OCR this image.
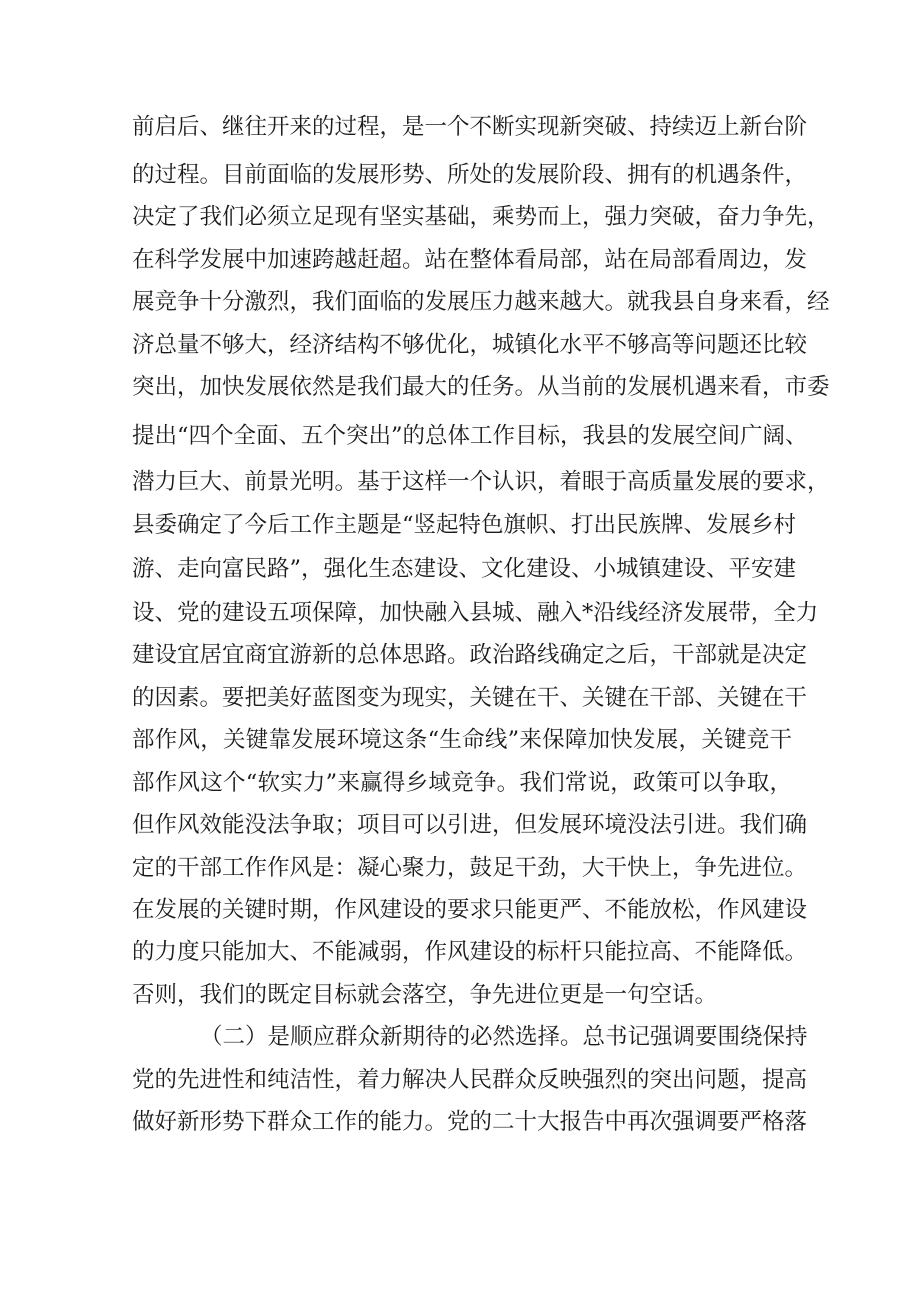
前启后、继往开来的过程，是一个不断实现新突破、持续迈上新台阶
的过程。目前面临的发展形势、所处的发展阶段、拥有的机遇条件，
决定了我们必须立足现有坚实基础，乘势而上，强力突破，奋力争先，
在科学发展中加速跨越赶超。站在整体看局部，站在局部看周边，发
展竞争十分激烈，我们面临的发展压力越来越大。就我县自身来看，经
济总量不够大，经济结构不够优化，城镇化水平不够高等问题还比较
突出，加快发展依然是我们最大的任务。从当前的发展机遇来看，市委
提出“四个全面、五个突出”的总体工作目标，我县的发展空间广阔、
潜力巨大、前景光明。基于这样一个认识，着眼于高质量发展的要求，
县委确定了今后工作主题是“竖起特色旗帜、打出民族牌、发展乡村
游、走向富民路”，强化生态建设、文化建设、小城镇建设、平安建
设、党的建设五项保障，加快融入县城、融入*沿线经济发展带，全力
建设宜居宜商宜游新的总体思路。政治路线确定之后，干部就是决定
的因素。要把美好蓝图变为现实，关键在干、关键在干部、关键在干
部作风，关键靠发展环境这条“生命线”来保障加快发展，关键竞干
部作风这个“软实力”来赢得乡域竞争。我们常说，政策可以争取，
但作风效能没法争取；项目可以引进，但发展环境没法引进。我们确
定的干部工作作风是：凝心聚力，鼓足干劲，大干快上，争先进位。
在发展的关键时期，作风建设的要求只能更严、不能放松，作风建设
的力度只能加大、不能减弱，作风建设的标杆只能拉高、不能降低。
否则，我们的既定目标就会落空，争先进位更是一句空话。
（二）是顺应群众新期待的必然选择。总书记强调要围绕保持
党的先进性和纯洁性，着力解决人民群众反映强烈的突出问题，提高
做好新形势下群众工作的能力。党的二十大报告中再次强调要严格落
